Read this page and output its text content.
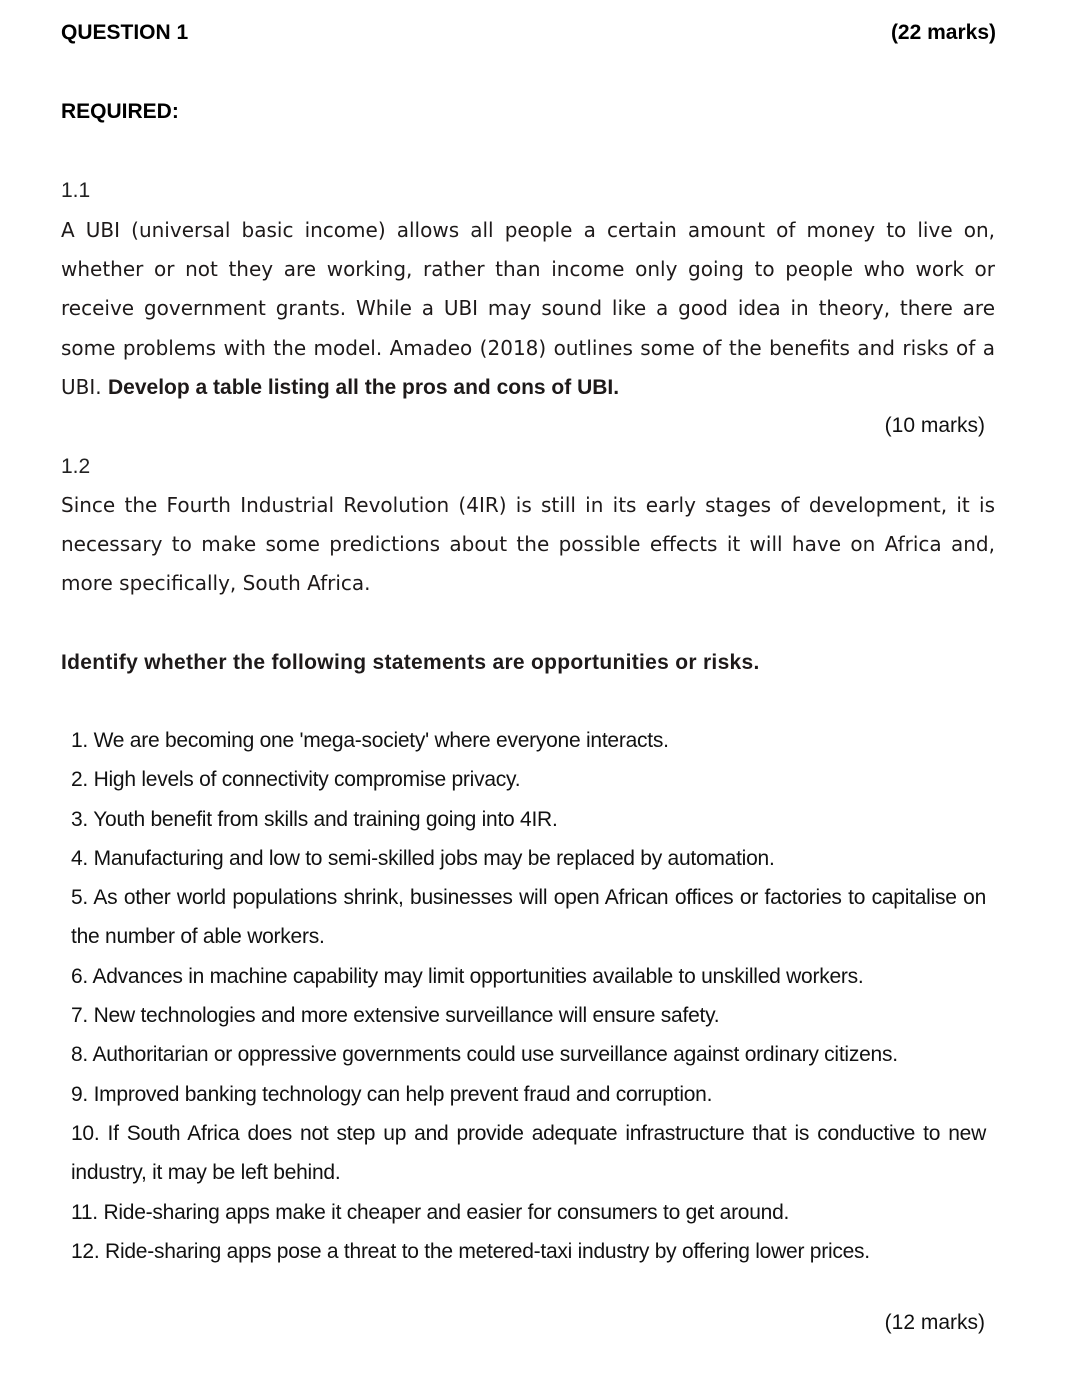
QUESTION 1	(22 marks)
REQUIRED:
1.1
A UBI (universal basic income) allows all people a certain amount of money to live on, whether or not they are working, rather than income only going to people who work or receive government grants. While a UBI may sound like a good idea in theory, there are some problems with the model. Amadeo (2018) outlines some of the benefits and risks of a UBI. Develop a table listing all the pros and cons of UBI.
(10 marks)
1.2
Since the Fourth Industrial Revolution (4IR) is still in its early stages of development, it is necessary to make some predictions about the possible effects it will have on Africa and, more specifically, South Africa.
Identify whether the following statements are opportunities or risks.
1. We are becoming one 'mega-society' where everyone interacts.
2. High levels of connectivity compromise privacy.
3. Youth benefit from skills and training going into 4IR.
4. Manufacturing and low to semi-skilled jobs may be replaced by automation.
5. As other world populations shrink, businesses will open African offices or factories to capitalise on the number of able workers.
6. Advances in machine capability may limit opportunities available to unskilled workers.
7. New technologies and more extensive surveillance will ensure safety.
8. Authoritarian or oppressive governments could use surveillance against ordinary citizens.
9. Improved banking technology can help prevent fraud and corruption.
10. If South Africa does not step up and provide adequate infrastructure that is conductive to new industry, it may be left behind.
11. Ride-sharing apps make it cheaper and easier for consumers to get around.
12. Ride-sharing apps pose a threat to the metered-taxi industry by offering lower prices.
(12 marks)
